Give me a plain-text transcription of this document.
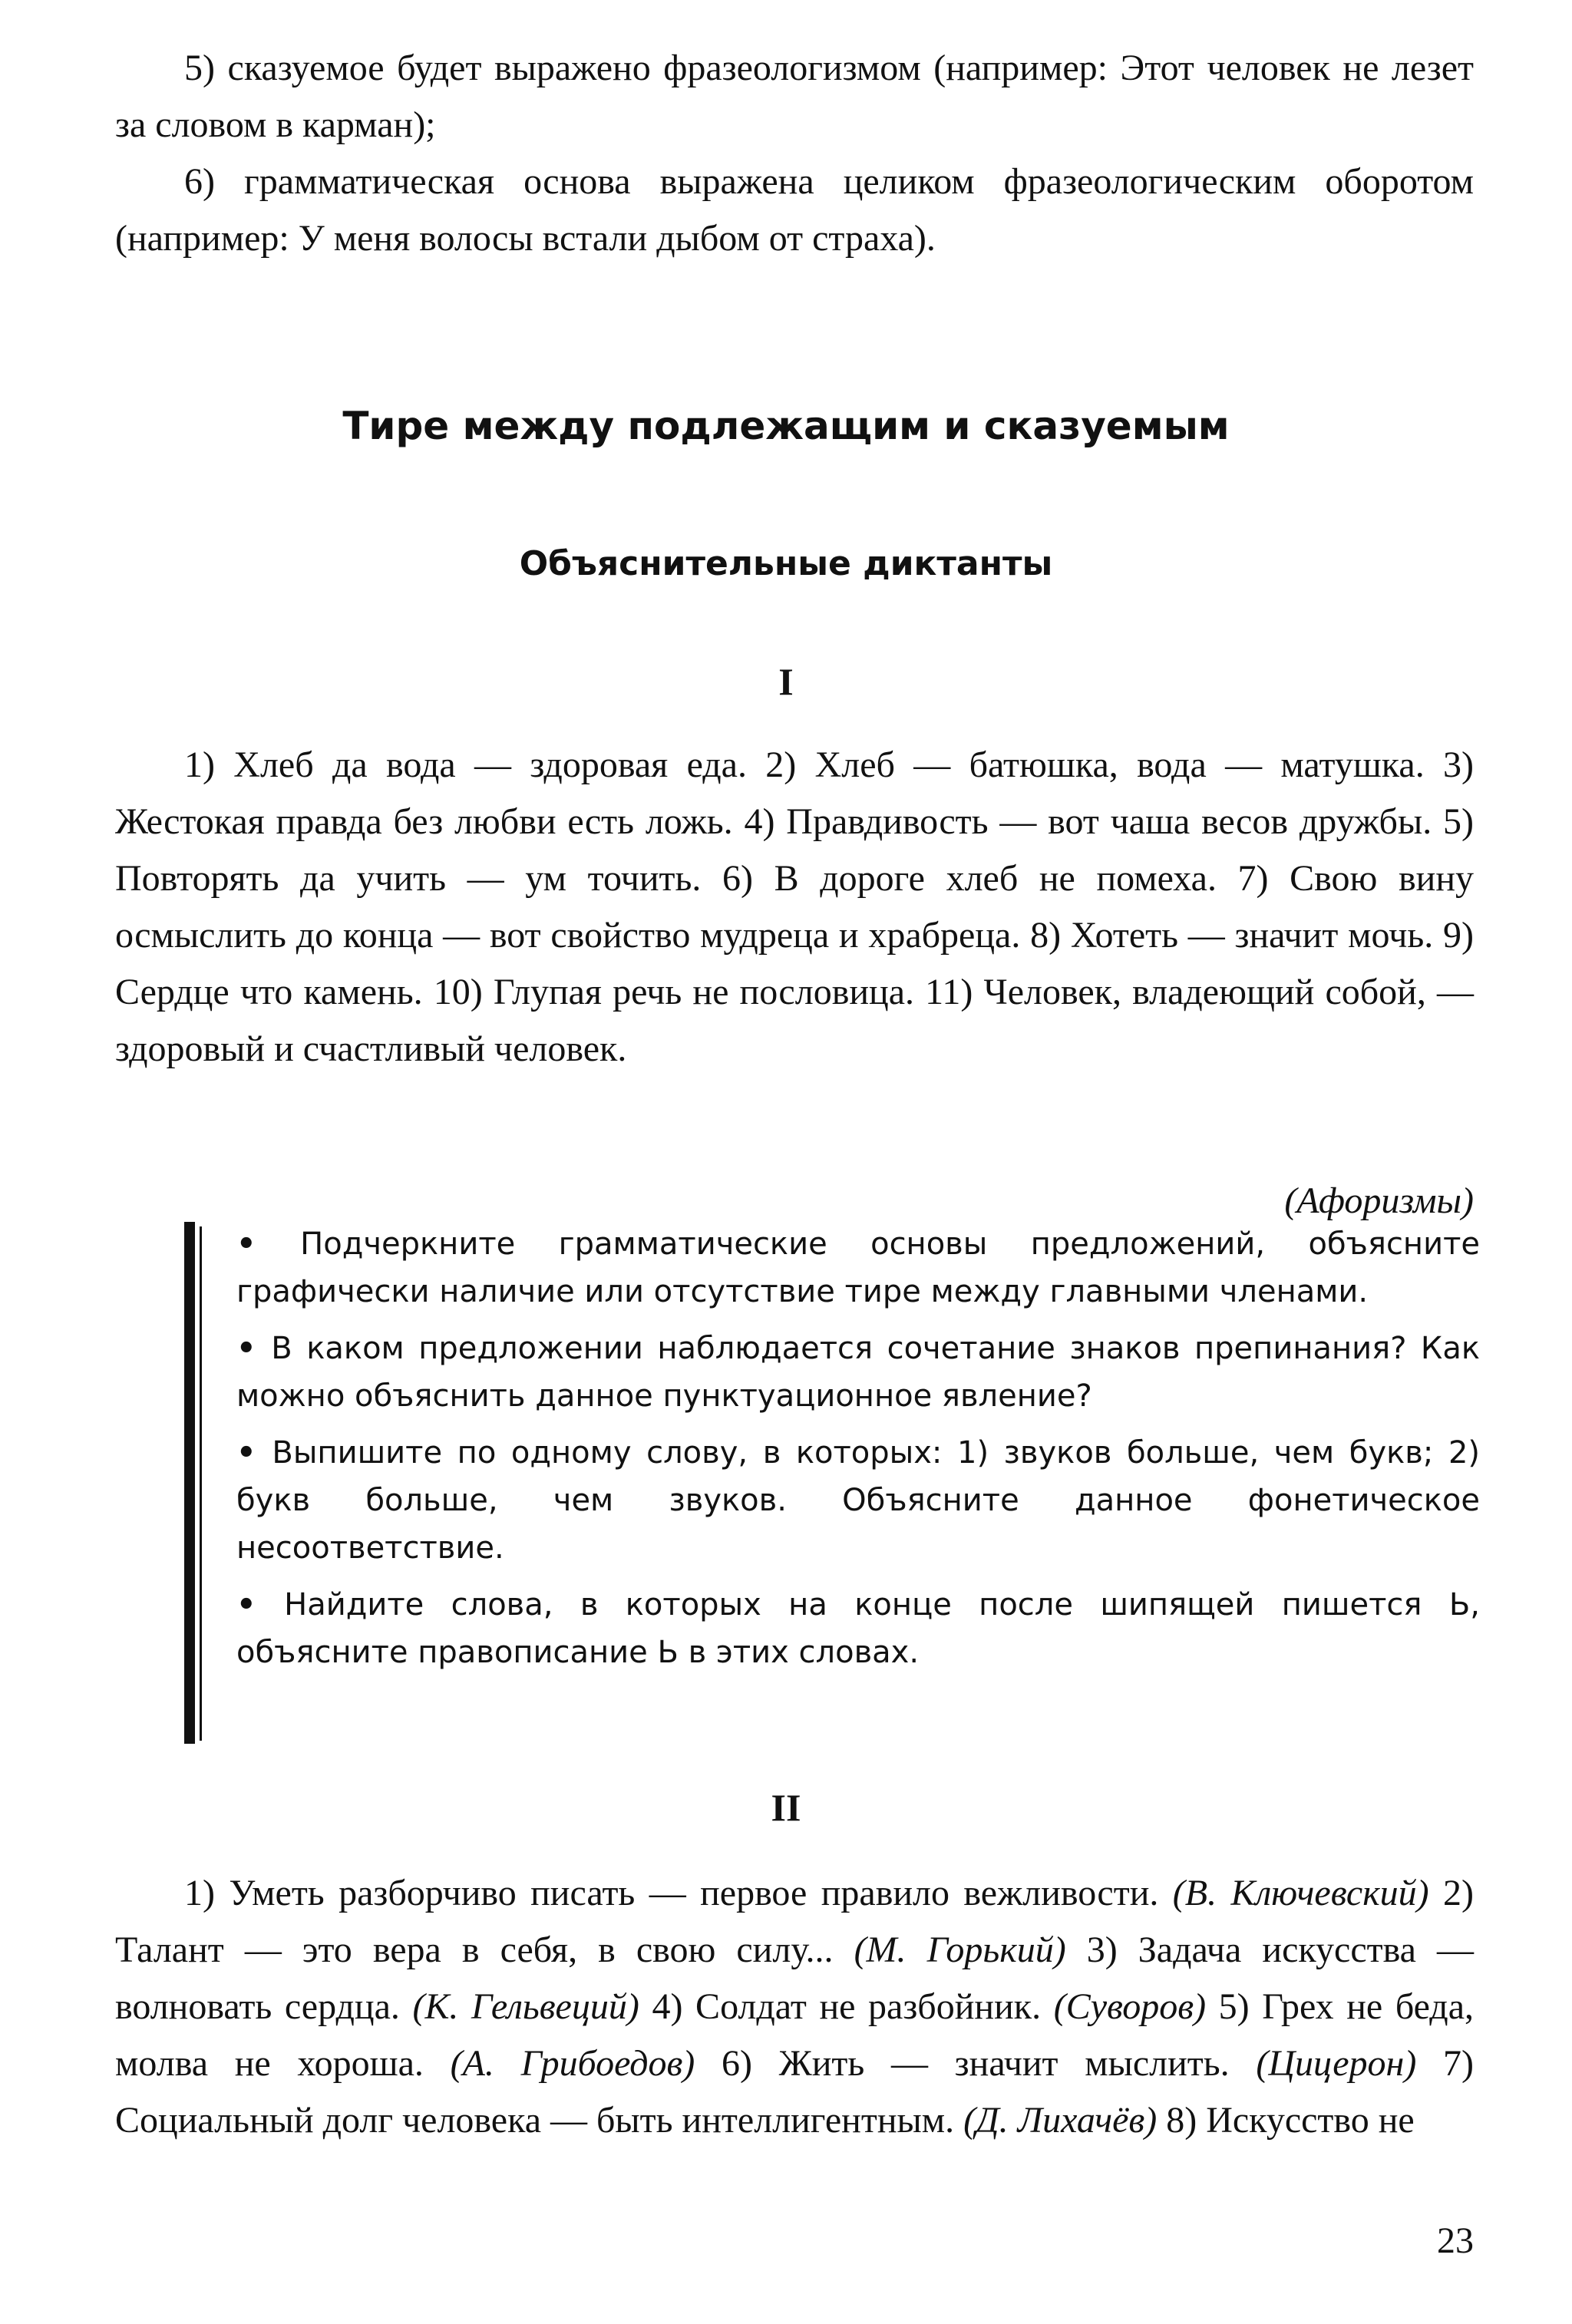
5) сказуемое будет выражено фразеологизмом (например: Этот человек не лезет за словом в карман);

6) грамматическая основа выражена целиком фразеологическим оборотом (например: У меня волосы встали дыбом от страха).

Тире между подлежащим и сказуемым
Объяснительные диктанты
I

1) Хлеб да вода — здоровая еда. 2) Хлеб — батюшка, вода — матушка. 3) Жестокая правда без любви есть ложь. 4) Правдивость — вот чаша весов дружбы. 5) Повторять да учить — ум точить. 6) В дороге хлеб не помеха. 7) Свою вину осмыслить до конца — вот свойство мудреца и храбреца. 8) Хотеть — значит мочь. 9) Сердце что камень. 10) Глупая речь не пословица. 11) Человек, владеющий собой, — здоровый и счастливый человек.

(Афоризмы)

• Подчеркните грамматические основы предложений, объясните графически наличие или отсутствие тире между главными членами.
• В каком предложении наблюдается сочетание знаков препинания? Как можно объяснить данное пунктуационное явление?
• Выпишите по одному слову, в которых: 1) звуков больше, чем букв; 2) букв больше, чем звуков. Объясните данное фонетическое несоответствие.
• Найдите слова, в которых на конце после шипящей пишется Ь, объясните правописание Ь в этих словах.
II

1) Уметь разборчиво писать — первое правило вежливости. (В. Ключевский) 2) Талант — это вера в себя, в свою силу... (М. Горький) 3) Задача искусства — волновать сердца. (К. Гельвеций) 4) Солдат не разбойник. (Суворов) 5) Грех не беда, молва не хороша. (А. Грибоедов) 6) Жить — значит мыслить. (Цицерон) 7) Социальный долг человека — быть интеллигентным. (Д. Лихачёв) 8) Искусство не

23
